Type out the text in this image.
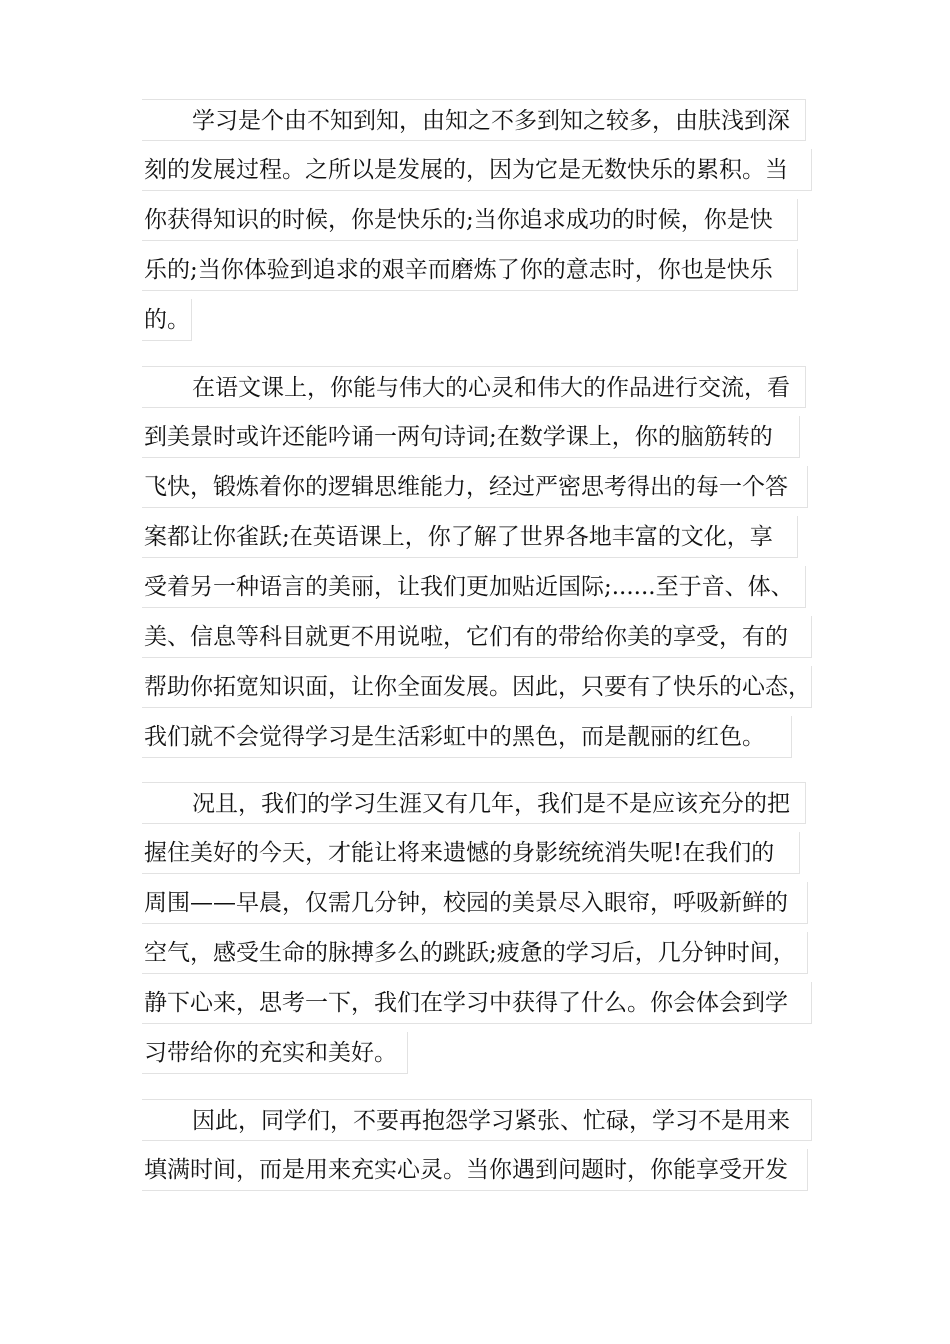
学习是个由不知到知，由知之不多到知之较多，由肤浅到深
刻的发展过程。之所以是发展的，因为它是无数快乐的累积。当
你获得知识的时候，你是快乐的;当你追求成功的时候，你是快
乐的;当你体验到追求的艰辛而磨炼了你的意志时，你也是快乐
的。
在语文课上，你能与伟大的心灵和伟大的作品进行交流，看
到美景时或许还能吟诵一两句诗词;在数学课上，你的脑筋转的
飞快，锻炼着你的逻辑思维能力，经过严密思考得出的每一个答
案都让你雀跃;在英语课上，你了解了世界各地丰富的文化，享
受着另一种语言的美丽，让我们更加贴近国际;......至于音、体、
美、信息等科目就更不用说啦，它们有的带给你美的享受，有的
帮助你拓宽知识面，让你全面发展。因此，只要有了快乐的心态，
我们就不会觉得学习是生活彩虹中的黑色，而是靓丽的红色。
况且，我们的学习生涯又有几年，我们是不是应该充分的把
握住美好的今天，才能让将来遗憾的身影统统消失呢!在我们的
周围——早晨，仅需几分钟，校园的美景尽入眼帘，呼吸新鲜的
空气，感受生命的脉搏多么的跳跃;疲惫的学习后，几分钟时间，
静下心来，思考一下，我们在学习中获得了什么。你会体会到学
习带给你的充实和美好。
因此，同学们，不要再抱怨学习紧张、忙碌，学习不是用来
填满时间，而是用来充实心灵。当你遇到问题时，你能享受开发
